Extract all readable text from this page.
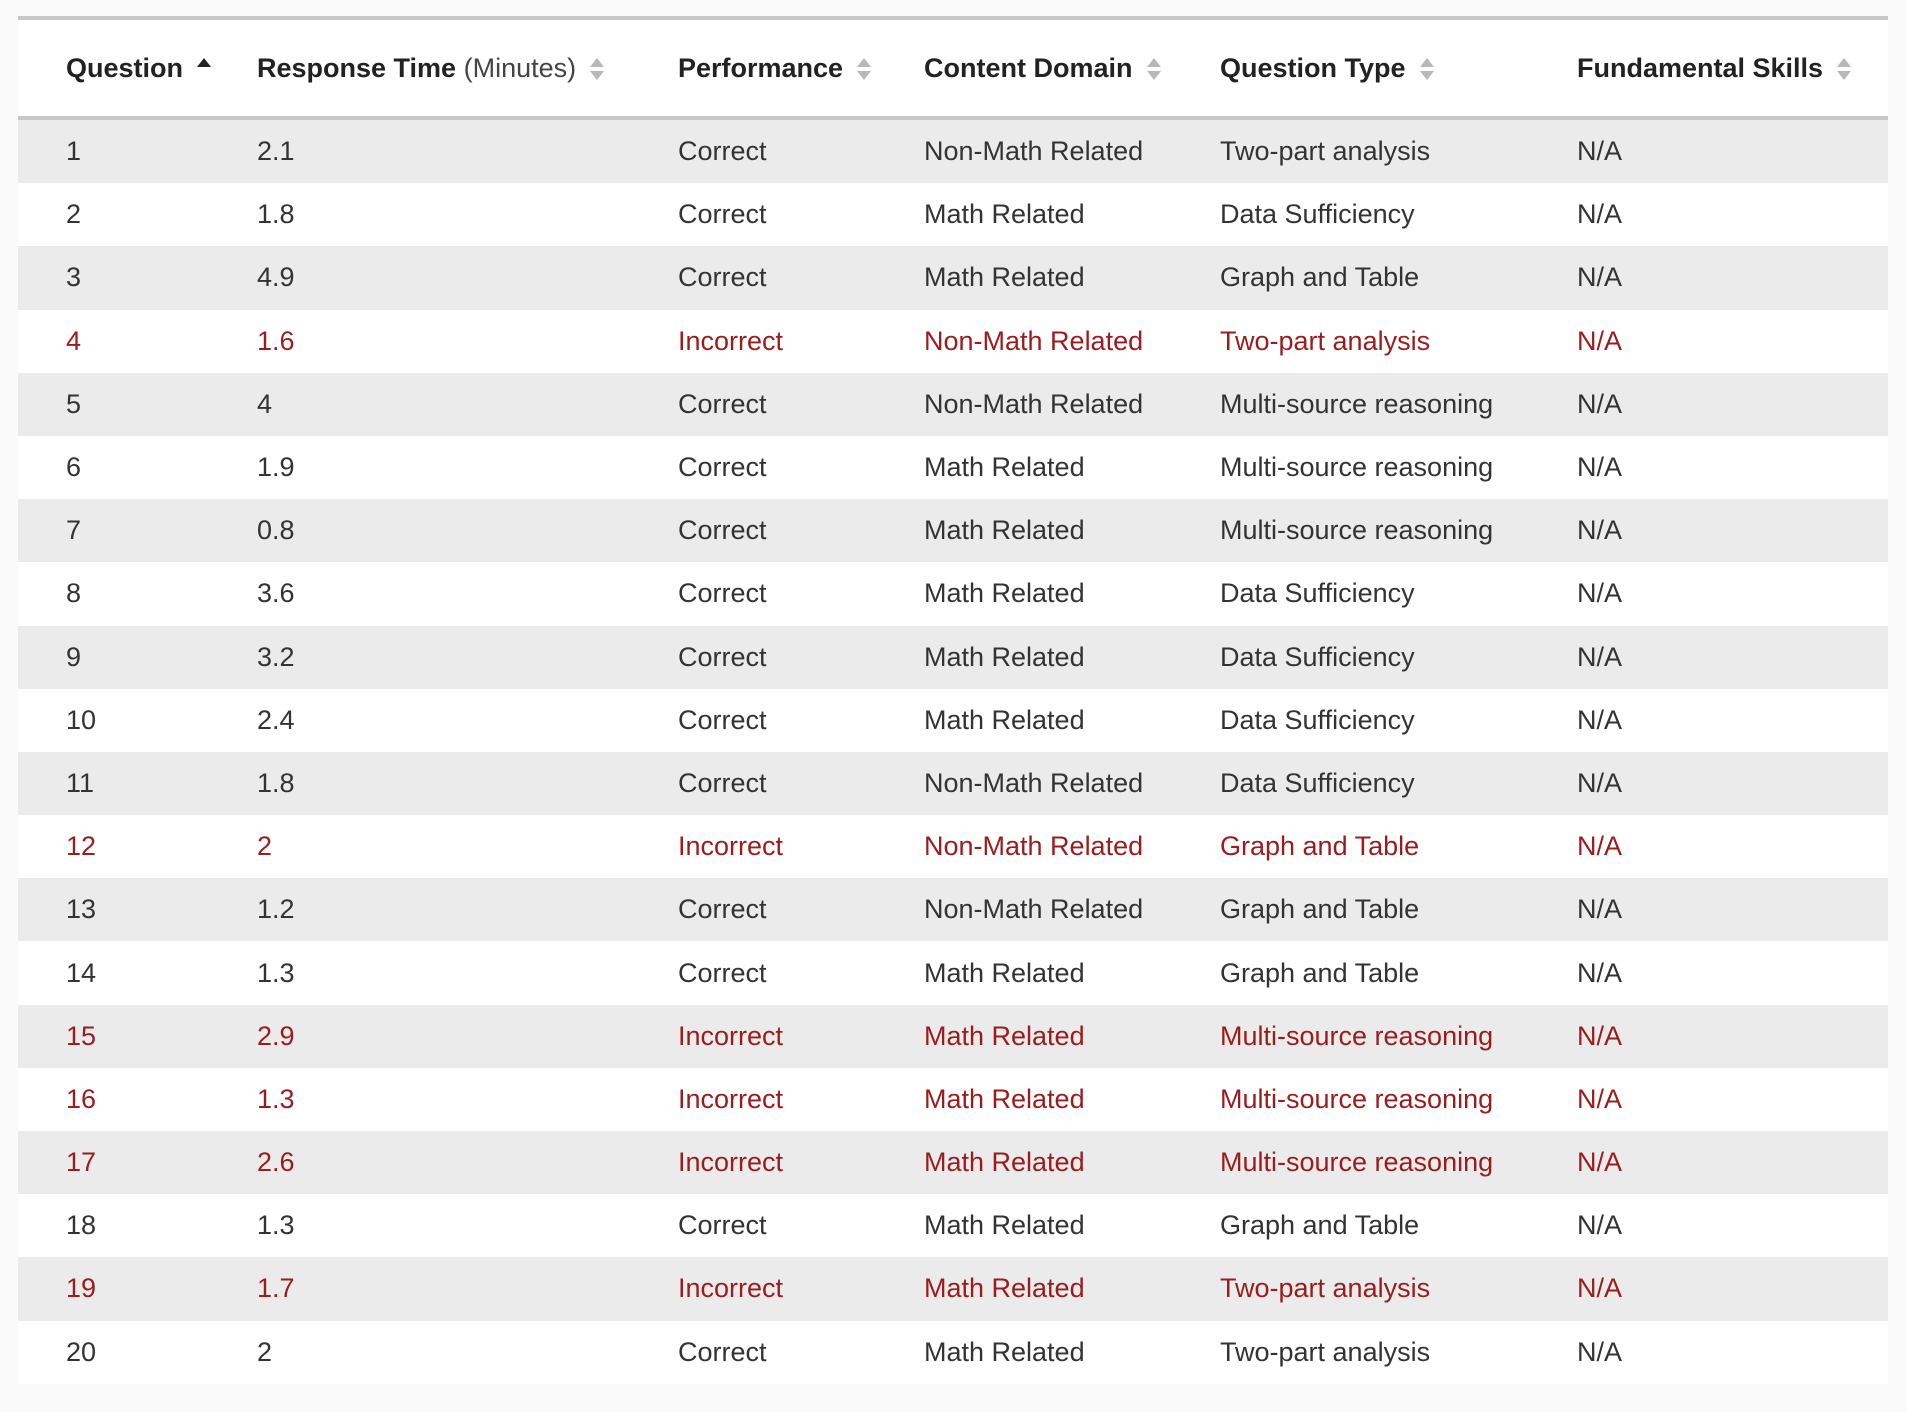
Question	Response Time (Minutes)	Performance	Content Domain	Question Type	Fundamental Skills

1	2.1	Correct	Non-Math Related	Two-part analysis	N/A
2	1.8	Correct	Math Related	Data Sufficiency	N/A
3	4.9	Correct	Math Related	Graph and Table	N/A
4	1.6	Incorrect	Non-Math Related	Two-part analysis	N/A
5	4	Correct	Non-Math Related	Multi-source reasoning	N/A
6	1.9	Correct	Math Related	Multi-source reasoning	N/A
7	0.8	Correct	Math Related	Multi-source reasoning	N/A
8	3.6	Correct	Math Related	Data Sufficiency	N/A
9	3.2	Correct	Math Related	Data Sufficiency	N/A
10	2.4	Correct	Math Related	Data Sufficiency	N/A
11	1.8	Correct	Non-Math Related	Data Sufficiency	N/A
12	2	Incorrect	Non-Math Related	Graph and Table	N/A
13	1.2	Correct	Non-Math Related	Graph and Table	N/A
14	1.3	Correct	Math Related	Graph and Table	N/A
15	2.9	Incorrect	Math Related	Multi-source reasoning	N/A
16	1.3	Incorrect	Math Related	Multi-source reasoning	N/A
17	2.6	Incorrect	Math Related	Multi-source reasoning	N/A
18	1.3	Correct	Math Related	Graph and Table	N/A
19	1.7	Incorrect	Math Related	Two-part analysis	N/A
20	2	Correct	Math Related	Two-part analysis	N/A
